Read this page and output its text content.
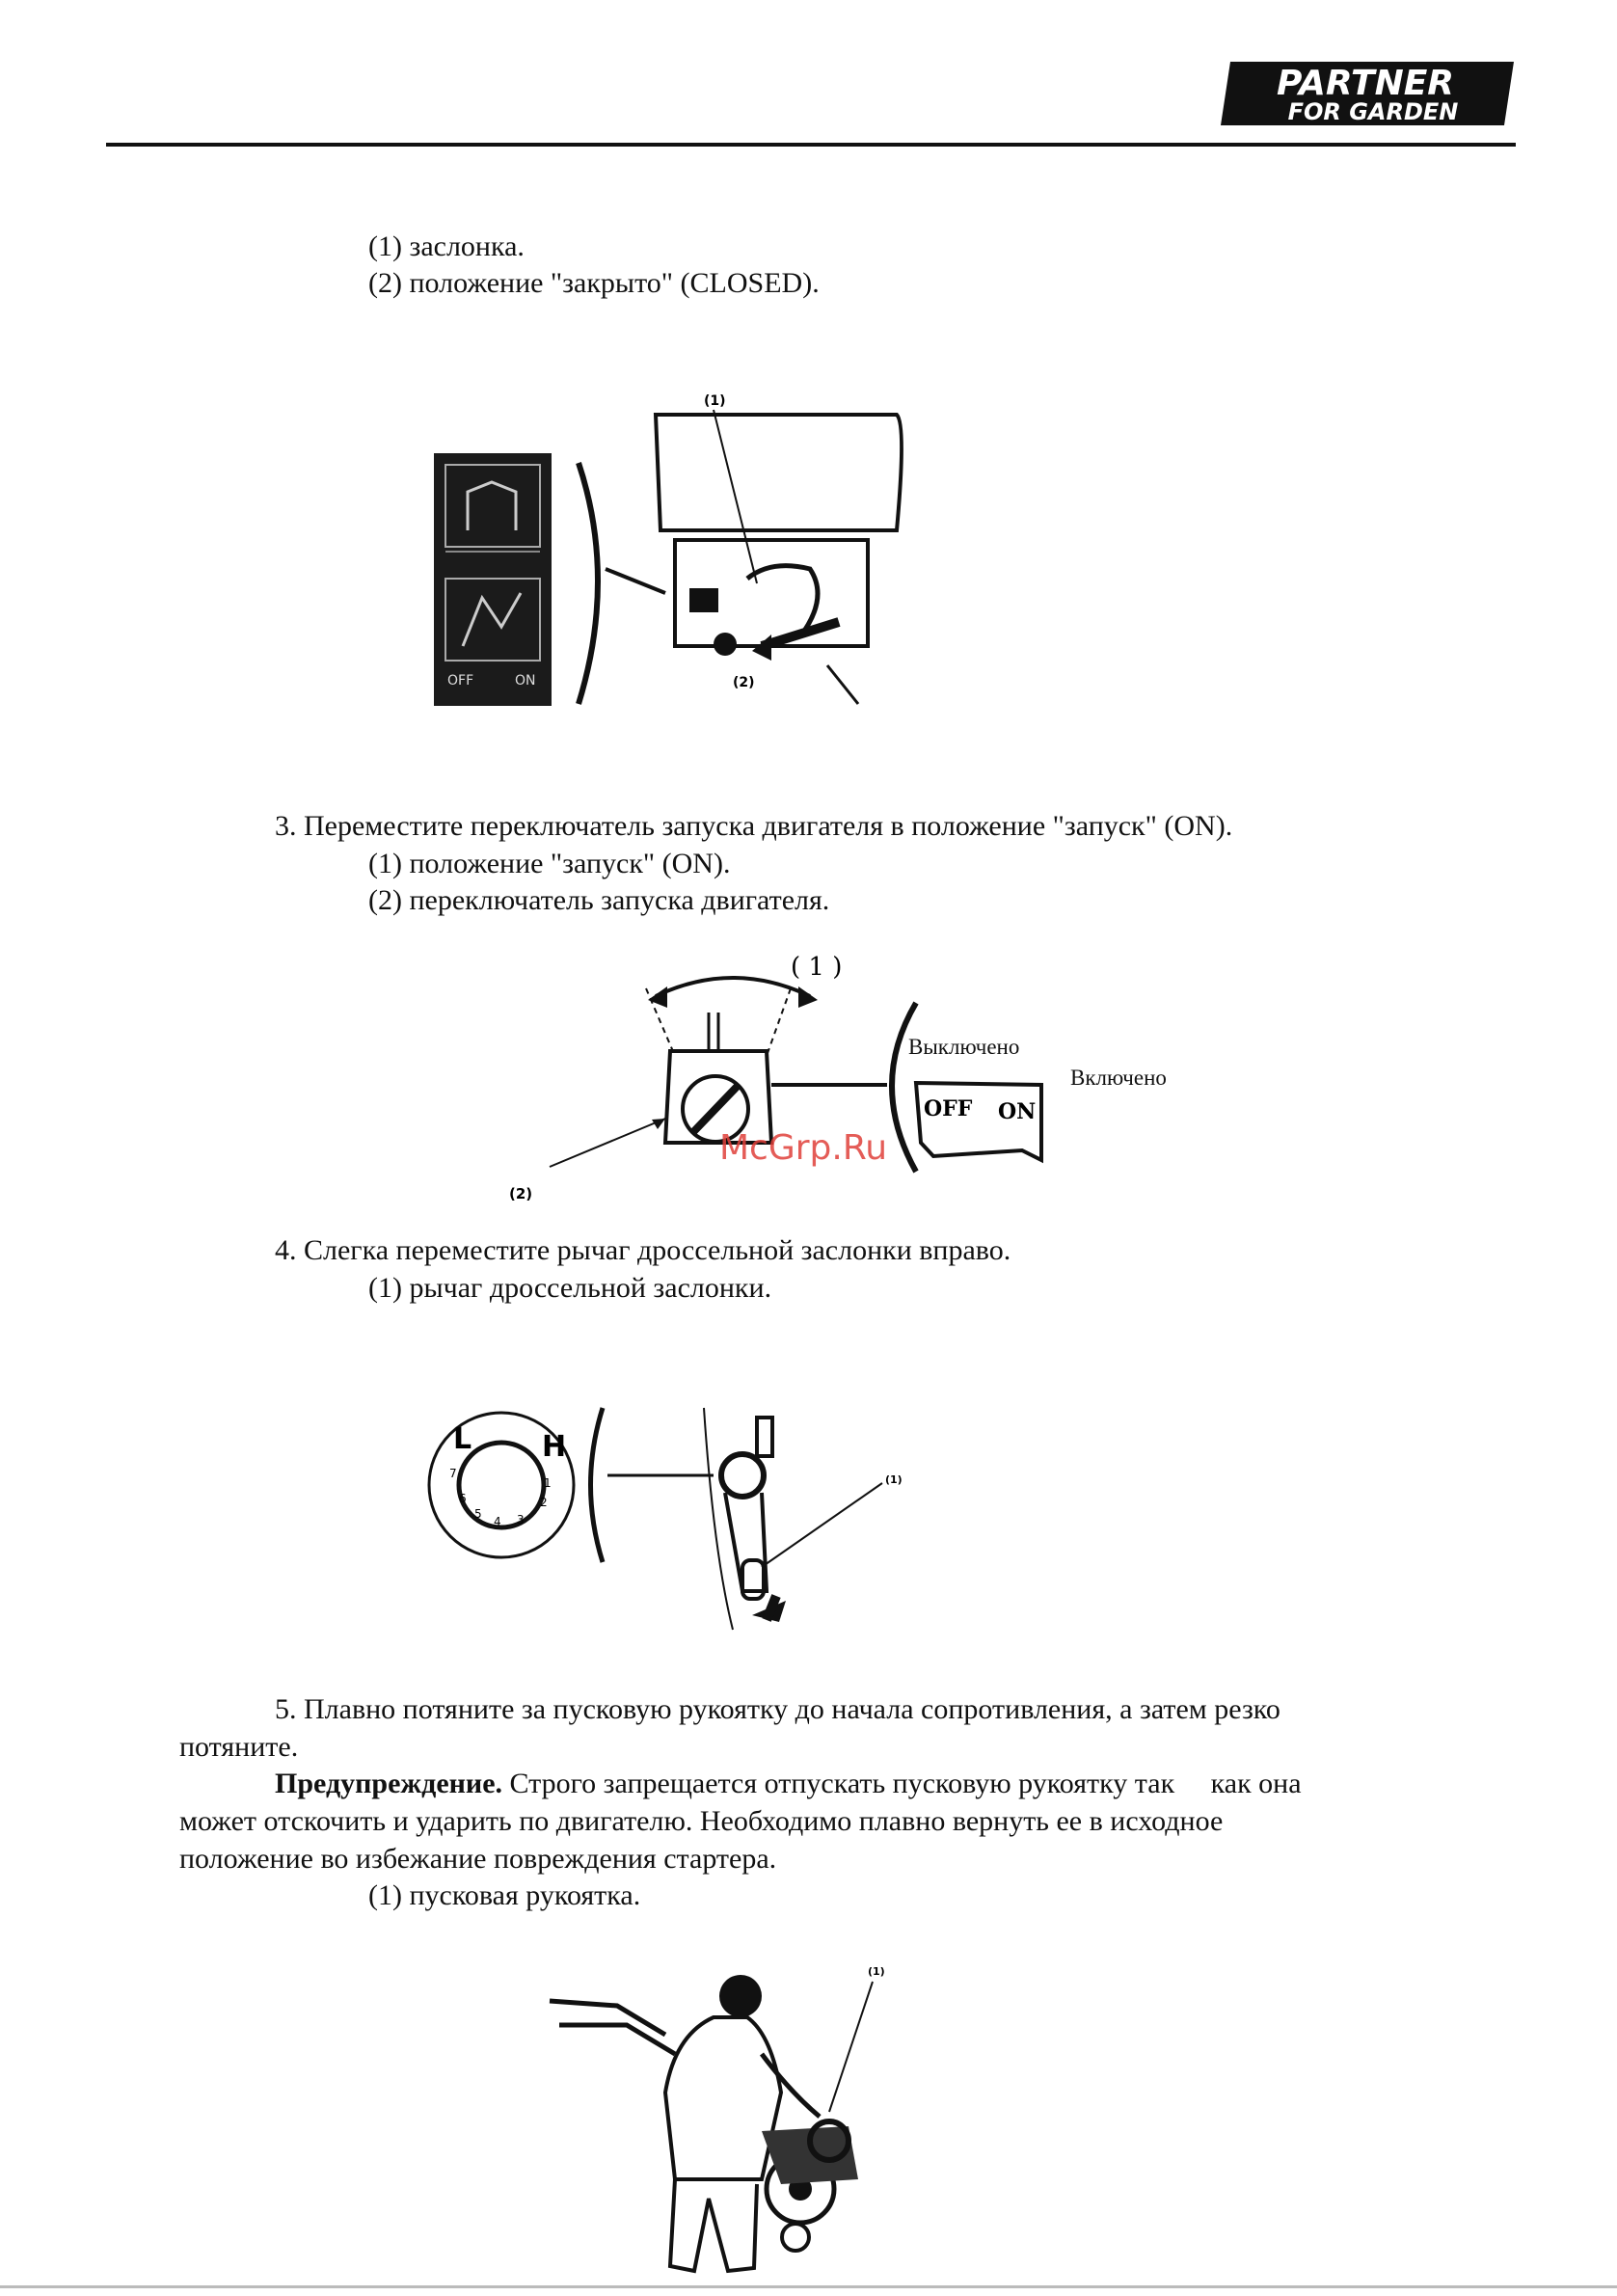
PARTNER
FOR GARDEN
(1) заслонка.
(2) положение "закрыто" (CLOSED).
OFF	ON
(1)
(2)
3. Переместите переключатель запуска двигателя в положение "запуск" (ON).
(1) положение "запуск" (ON).
(2) переключатель запуска двигателя.
( 1 )
OFF ON
(2)
Выключено
Включено
McGrp.Ru
4. Слегка переместите рычаг дроссельной заслонки вправо.
(1) рычаг дроссельной заслонки.
L H
7
6
5
4 3
2
1	(1)
5. Плавно потяните за пусковую рукоятку до начала сопротивления, а затем резко
потяните.
Предупреждение. Строго запрещается отпускать пусковую рукоятку так     как она
может отскочить и ударить по двигателю. Необходимо плавно вернуть ее в исходное
положение во избежание повреждения стартера.
(1) пусковая рукоятка.
(1)
